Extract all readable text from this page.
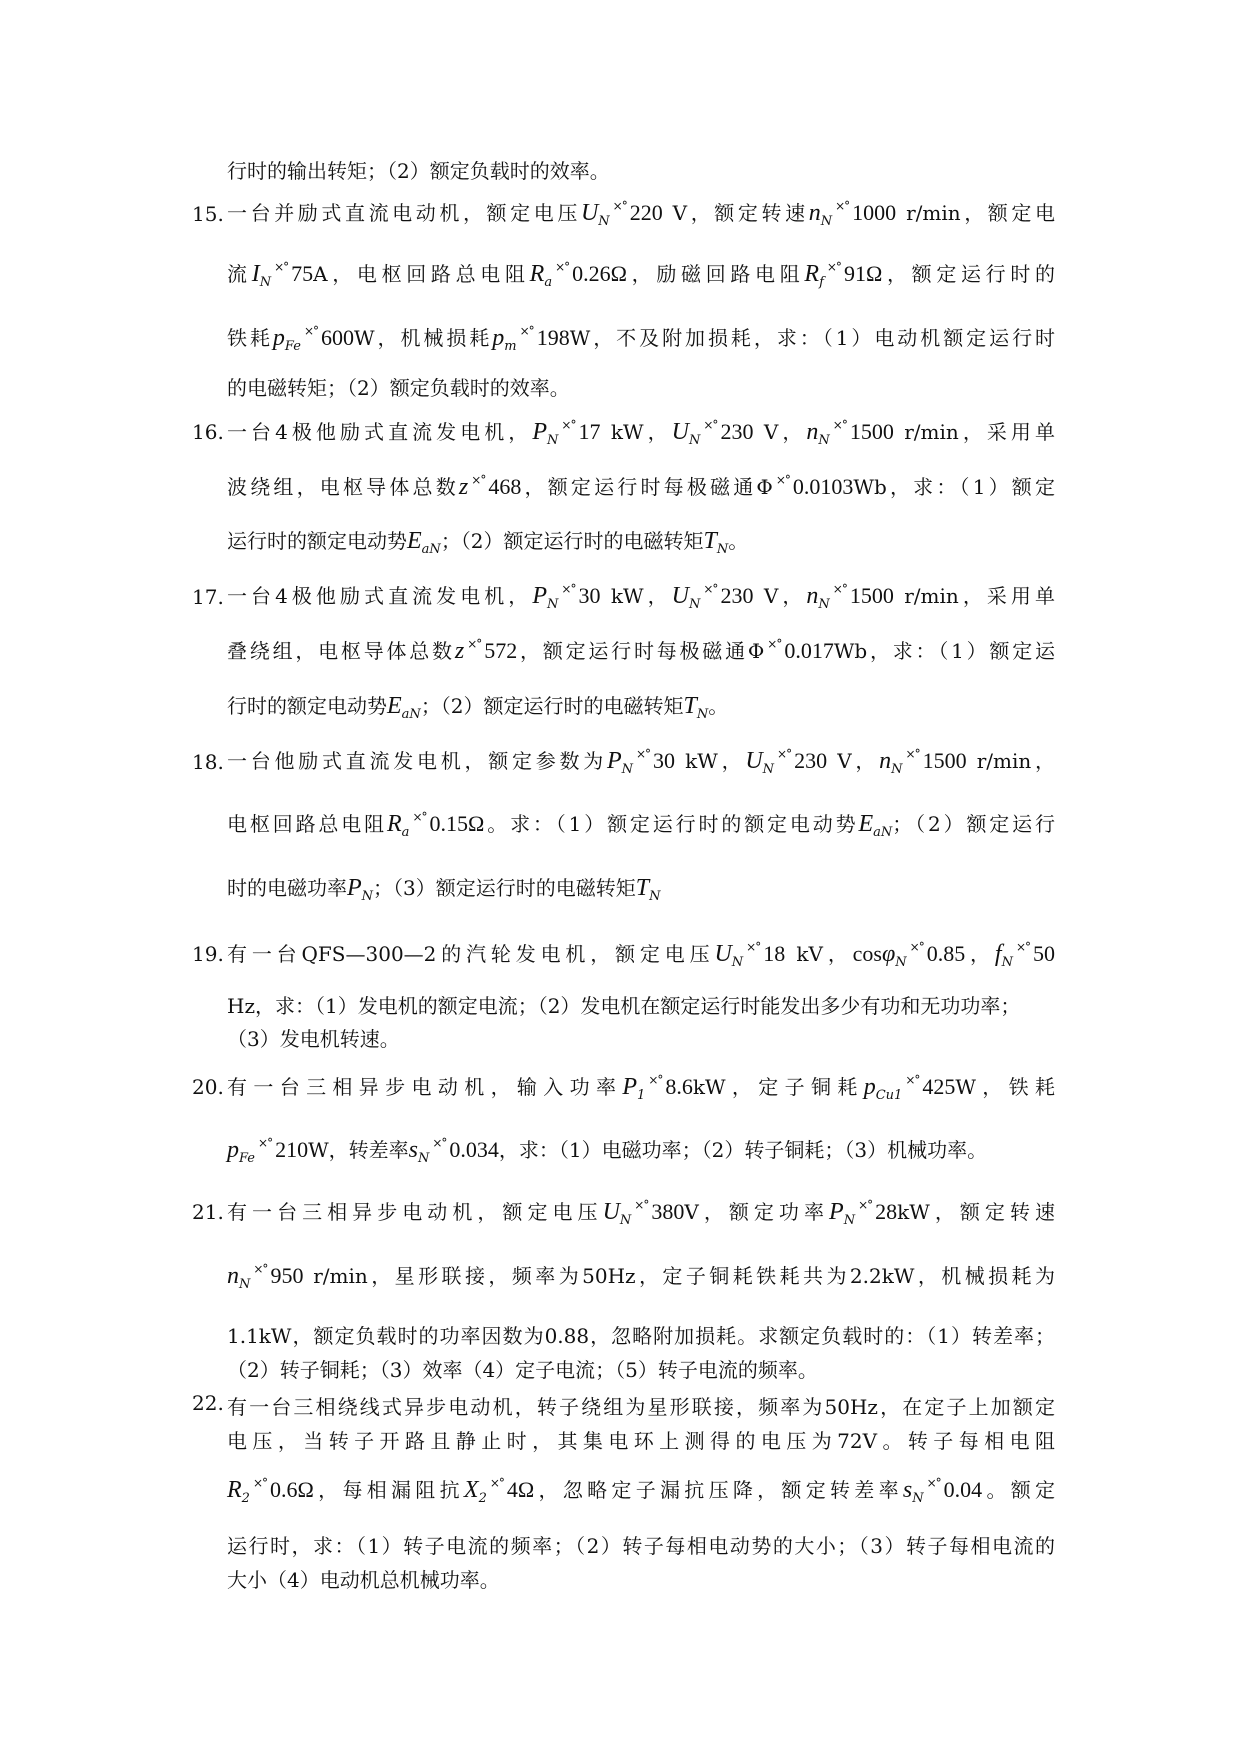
行时的输出转矩；（2）额定负载时的效率。
15. 一台并励式直流电动机，额定电压$U_N^{\times^\circ}$ 220 V，额定转速$n_N^{\times^\circ}$ 1000 r/min，额定电
流$I_N^{\times^\circ}$ 75A，电枢回路总电阻$R_a^{\times^\circ}$ 0.26Ω，励磁回路电阻$R_f^{\times^\circ}$ 91Ω，额定运行时的
铁耗$p_{Fe}^{\times^\circ}$ 600W，机械损耗$p_m^{\times^\circ}$ 198W，不及附加损耗，求：（1）电动机额定运行时
的电磁转矩；（2）额定负载时的效率。
16. 一台4极他励式直流发电机，$P_N^{\times^\circ}$ 17 kW，$U_N^{\times^\circ}$ 230 V，$n_N^{\times^\circ}$ 1500 r/min，采用单
波绕组，电枢导体总数z ×° 468，额定运行时每极磁通Φ ×° 0.0103Wb，求：（1）额定
运行时的额定电动势$E_{aN}$；（2）额定运行时的电磁转矩$T_N$。
17. 一台4极他励式直流发电机，$P_N^{\times^\circ}$ 30 kW，$U_N^{\times^\circ}$ 230 V，$n_N^{\times^\circ}$ 1500 r/min，采用单
叠绕组，电枢导体总数z ×° 572，额定运行时每极磁通Φ ×° 0.017Wb，求：（1）额定运
行时的额定电动势$E_{aN}$；（2）额定运行时的电磁转矩$T_N$。
18. 一台他励式直流发电机，额定参数为$P_N^{\times^\circ}$ 30 kW，$U_N^{\times^\circ}$ 230 V，$n_N^{\times^\circ}$ 1500 r/min，
电枢回路总电阻$R_a^{\times^\circ}$ 0.15Ω。求：（1）额定运行时的额定电动势$E_{aN}$；（2）额定运行
时的电磁功率$P_N$；（3）额定运行时的电磁转矩$T_N$
19. 有一台QFS—300—2的汽轮发电机，额定电压$U_N^{\times^\circ}$ 18 kV，cosφ$_N$×° 0.85，$f_N^{\times^\circ}$ 50
Hz，求：（1）发电机的额定电流；（2）发电机在额定运行时能发出多少有功和无功功率；
（3）发电机转速。
20. 有一台三相异步电动机，输入功率$P_1^{\times^\circ}$ 8.6kW，定子铜耗$p_{Cu1}^{\times^\circ}$ 425W，铁耗
$p_{Fe}^{\times^\circ}$ 210W，转差率$s_N^{\times^\circ}$ 0.034，求：（1）电磁功率；（2）转子铜耗；（3）机械功率。
21. 有一台三相异步电动机，额定电压$U_N^{\times^\circ}$ 380V，额定功率$P_N^{\times^\circ}$ 28kW，额定转速
$n_N^{\times^\circ}$ 950 r/min，星形联接，频率为50Hz，定子铜耗铁耗共为2.2kW，机械损耗为
1.1kW，额定负载时的功率因数为0.88，忽略附加损耗。求额定负载时的：（1）转差率；
（2）转子铜耗；（3）效率（4）定子电流；（5）转子电流的频率。
22. 有一台三相绕线式异步电动机，转子绕组为星形联接，频率为50Hz，在定子上加额定
电压，当转子开路且静止时，其集电环上测得的电压为72V。转子每相电阻
$R_2^{\times^\circ}$ 0.6Ω，每相漏阻抗$X_2^{\times^\circ}$ 4Ω，忽略定子漏抗压降，额定转差率$s_N^{\times^\circ}$ 0.04。额定
运行时，求：（1）转子电流的频率；（2）转子每相电动势的大小；（3）转子每相电流的
大小（4）电动机总机械功率。
